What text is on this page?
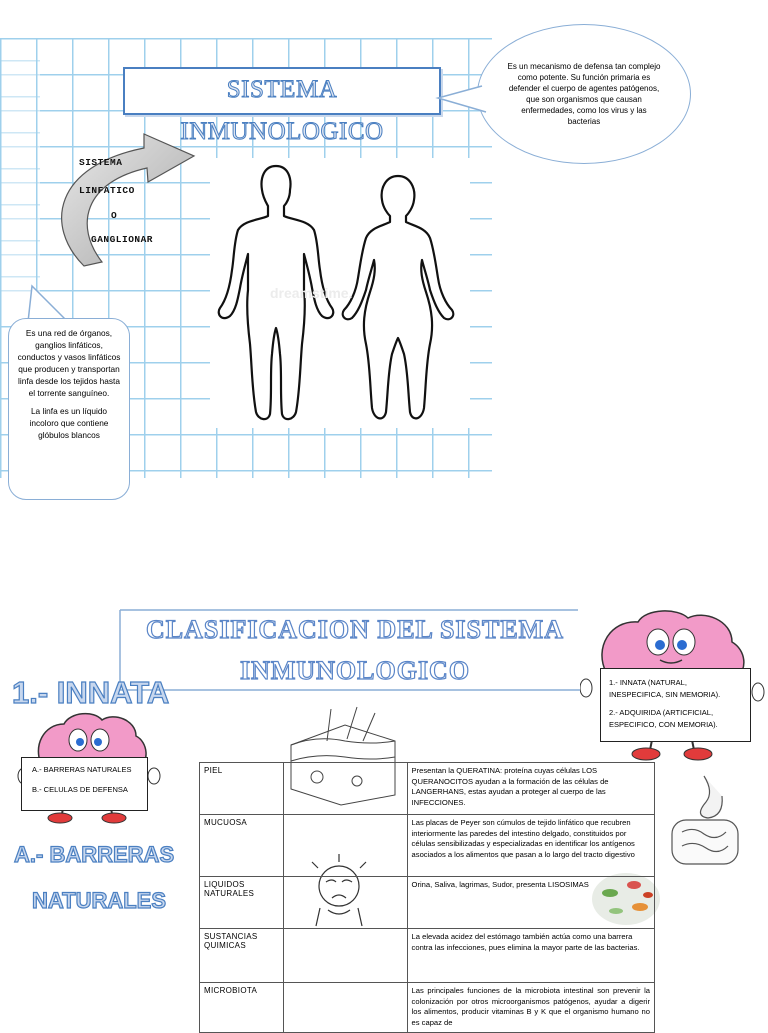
SISTEMA INMUNOLOGICO
Es un mecanismo de defensa tan complejo como potente. Su función primaria es defender el cuerpo de agentes patógenos, que son organismos que causan enfermedades, como los virus y las bacterias
SISTEMA
LINFATICO
O
GANGLIONAR
Es una red de órganos, ganglios linfáticos, conductos y vasos linfáticos que producen y transportan linfa desde los tejidos hasta el torrente sanguíneo.
La linfa es un líquido incoloro que contiene glóbulos blancos
dreamstime.
CLASIFICACION DEL SISTEMA
INMUNOLOGICO
1.- INNATA
A.- BARRERAS NATURALES
B.- CELULAS DE DEFENSA
A.- BARRERAS
NATURALES
1.- INNATA (NATURAL, INESPECIFICA, SIN MEMORIA).
2.- ADQUIRIDA (ARTICFICIAL, ESPECIFICO, CON MEMORIA).
PIEL		Presentan la QUERATINA: proteína cuyas células LOS QUERANOCITOS ayudan a la formación de las células de LANGERHANS, estas ayudan a proteger al cuerpo de las INFECCIONES.
MUCUOSA		Las placas de Peyer son cúmulos de tejido linfático que recubren interiormente las paredes del intestino delgado, constituidos por células sensibilizadas y especializadas en identificar los antígenos asociados a los alimentos que pasan a lo largo del tracto digestivo
LIQUIDOS NATURALES		Orina, Saliva, lagrimas, Sudor, presenta LISOSIMAS
SUSTANCIAS QUIMICAS		La elevada acidez del estómago también actúa como una barrera contra las infecciones, pues elimina la mayor parte de las bacterias.
MICROBIOTA		Las principales funciones de la microbiota intestinal son prevenir la colonización por otros microorganismos patógenos, ayudar a digerir los alimentos, producir vitaminas B y K que el organismo humano no es capaz de
